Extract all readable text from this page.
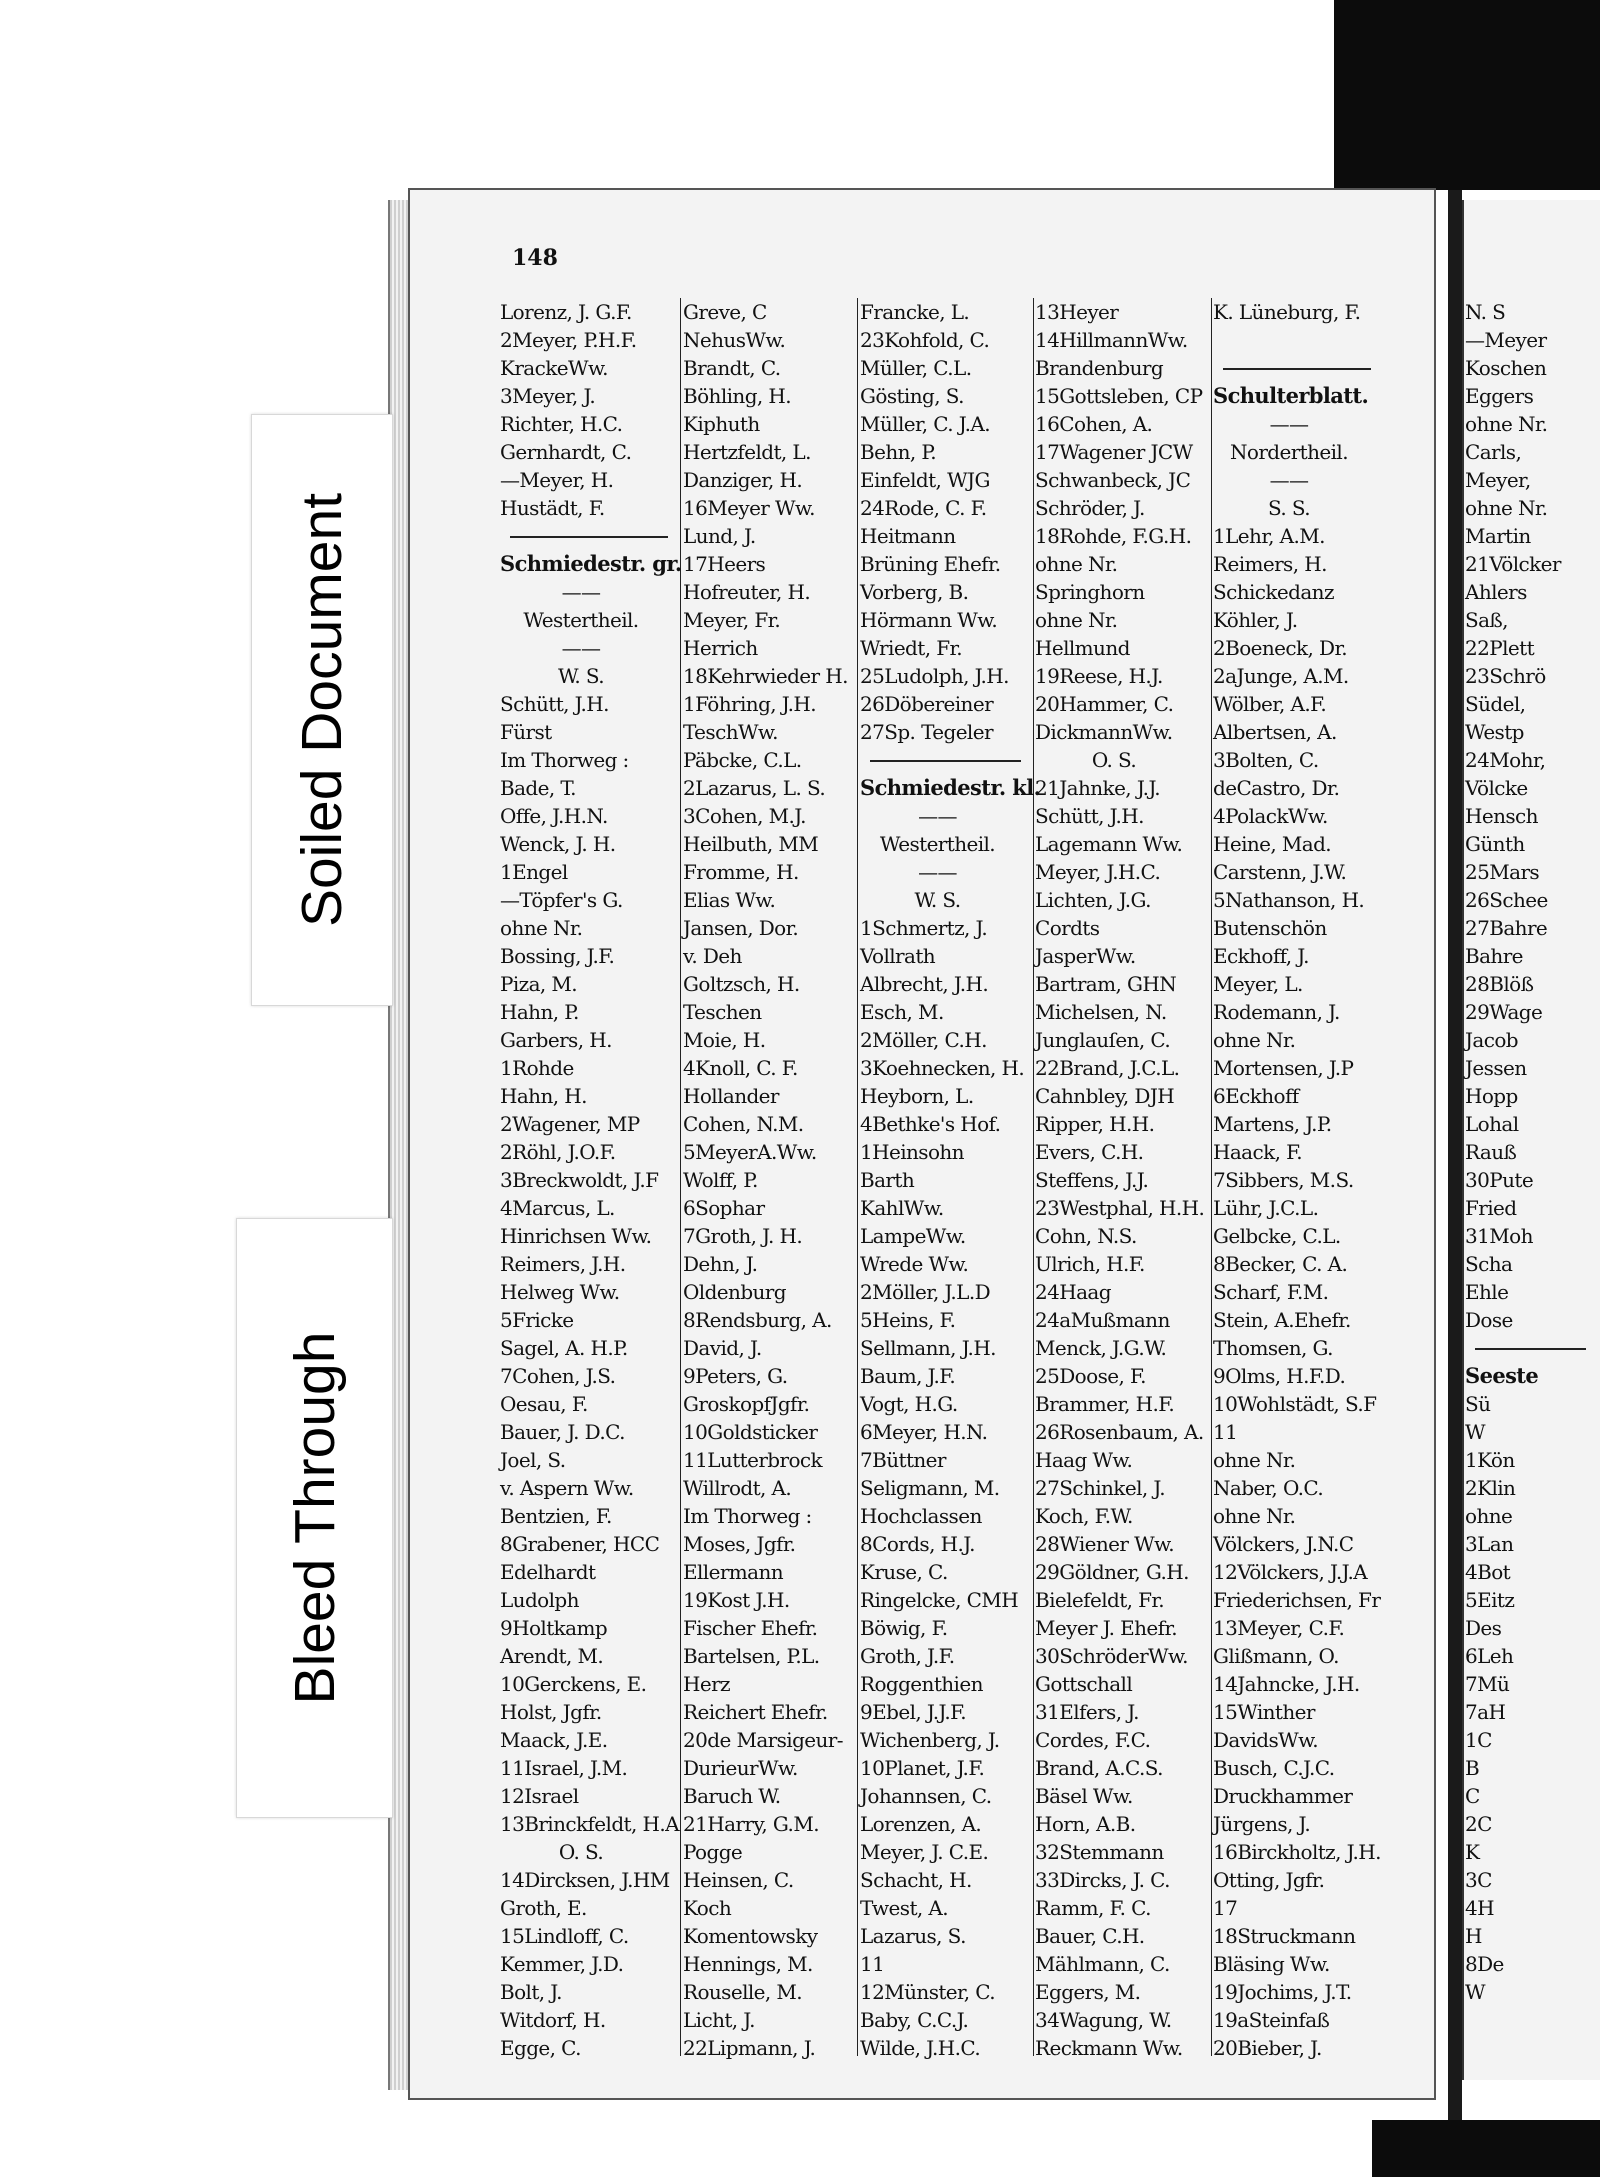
148
Lorenz, J. G.F.
2Meyer, P.H.F.
KrackeWw.
3Meyer, J.
Richter, H.C.
Gernhardt, C.
—Meyer, H.
Hustädt, F.
Schmiedestr. gr.
——
Westertheil.
——
W. S.
Schütt, J.H.
Fürst
Im Thorweg :
Bade, T.
Offe, J.H.N.
Wenck, J. H.
1Engel
—Töpfer's G.
ohne Nr.
Bossing, J.F.
Piza, M.
Hahn, P.
Garbers, H.
1Rohde
Hahn, H.
2Wagener, MP
2Röhl, J.O.F.
3Breckwoldt, J.F
4Marcus, L.
Hinrichsen Ww.
Reimers, J.H.
Helweg Ww.
5Fricke
Sagel, A. H.P.
7Cohen, J.S.
Oesau, F.
Bauer, J. D.C.
Joel, S.
v. Aspern Ww.
Bentzien, F.
8Grabener, HCC
Edelhardt
Ludolph
9Holtkamp
Arendt, M.
10Gerckens, E.
Holst, Jgfr.
Maack, J.E.
11Israel, J.M.
12Israel
13Brinckfeldt, H.A
O. S.
14Dircksen, J.HM
Groth, E.
15Lindloff, C.
Kemmer, J.D.
Bolt, J.
Witdorf, H.
Egge, C.
Greve, C
NehusWw.
Brandt, C.
Böhling, H.
Kiphuth
Hertzfeldt, L.
Danziger, H.
16Meyer Ww.
Lund, J.
17Heers
Hofreuter, H.
Meyer, Fr.
Herrich
18Kehrwieder H.
1Föhring, J.H.
TeschWw.
Päbcke, C.L.
2Lazarus, L. S.
3Cohen, M.J.
Heilbuth, MM
Fromme, H.
Elias Ww.
Jansen, Dor.
v. Deh
Goltzsch, H.
Teschen
Moie, H.
4Knoll, C. F.
Hollander
Cohen, N.M.
5MeyerA.Ww.
Wolff, P.
6Sophar
7Groth, J. H.
Dehn, J.
Oldenburg
8Rendsburg, A.
David, J.
9Peters, G.
GroskopfJgfr.
10Goldsticker
11Lutterbrock
Willrodt, A.
Im Thorweg :
Moses, Jgfr.
Ellermann
19Kost J.H.
Fischer Ehefr.
Bartelsen, P.L.
Herz
Reichert Ehefr.
20de Marsigeur-
DurieurWw.
Baruch W.
21Harry, G.M.
Pogge
Heinsen, C.
Koch
Komentowsky
Hennings, M.
Rouselle, M.
Licht, J.
22Lipmann, J.
Francke, L.
23Kohfold, C.
Müller, C.L.
Gösting, S.
Müller, C. J.A.
Behn, P.
Einfeldt, WJG
24Rode, C. F.
Heitmann
Brüning Ehefr.
Vorberg, B.
Hörmann Ww.
Wriedt, Fr.
25Ludolph, J.H.
26Döbereiner
27Sp. Tegeler
Schmiedestr. kl.
——
Westertheil.
——
W. S.
1Schmertz, J.
Vollrath
Albrecht, J.H.
Esch, M.
2Möller, C.H.
3Koehnecken, H.
Heyborn, L.
4Bethke's Hof.
1Heinsohn
Barth
KahlWw.
LampeWw.
Wrede Ww.
2Möller, J.L.D
5Heins, F.
Sellmann, J.H.
Baum, J.F.
Vogt, H.G.
6Meyer, H.N.
7Büttner
Seligmann, M.
Hochclassen
8Cords, H.J.
Kruse, C.
Ringelcke, CMH
Böwig, F.
Groth, J.F.
Roggenthien
9Ebel, J.J.F.
Wichenberg, J.
10Planet, J.F.
Johannsen, C.
Lorenzen, A.
Meyer, J. C.E.
Schacht, H.
Twest, A.
Lazarus, S.
11
12Münster, C.
Baby, C.C.J.
Wilde, J.H.C.
13Heyer
14HillmannWw.
Brandenburg
15Gottsleben, CP
16Cohen, A.
17Wagener JCW
Schwanbeck, JC
Schröder, J.
18Rohde, F.G.H.
ohne Nr.
Springhorn
ohne Nr.
Hellmund
19Reese, H.J.
20Hammer, C.
DickmannWw.
O. S.
21Jahnke, J.J.
Schütt, J.H.
Lagemann Ww.
Meyer, J.H.C.
Lichten, J.G.
Cordts
JasperWw.
Bartram, GHN
Michelsen, N.
Junglauſen, C.
22Brand, J.C.L.
Cahnbley, DJH
Ripper, H.H.
Evers, C.H.
Steffens, J.J.
23Westphal, H.H.
Cohn, N.S.
Ulrich, H.F.
24Haag
24aMußmann
Menck, J.G.W.
25Doose, F.
Brammer, H.F.
26Rosenbaum, A.
Haag Ww.
27Schinkel, J.
Koch, F.W.
28Wiener Ww.
29Göldner, G.H.
Bielefeldt, Fr.
Meyer J. Ehefr.
30SchröderWw.
Gottschall
31Elfers, J.
Cordes, F.C.
Brand, A.C.S.
Bäsel Ww.
Horn, A.B.
32Stemmann
33Dircks, J. C.
Ramm, F. C.
Bauer, C.H.
Mählmann, C.
Eggers, M.
34Wagung, W.
Reckmann Ww.
K. Lüneburg, F.
Schulterblatt.
——
Nordertheil.
——
S. S.
1Lehr, A.M.
Reimers, H.
Schickedanz
Köhler, J.
2Boeneck, Dr.
2aJunge, A.M.
Wölber, A.F.
Albertsen, A.
3Bolten, C.
deCastro, Dr.
4PolackWw.
Heine, Mad.
Carstenn, J.W.
5Nathanson, H.
Butenschön
Eckhoff, J.
Meyer, L.
Rodemann, J.
ohne Nr.
Mortensen, J.P
6Eckhoff
Martens, J.P.
Haack, F.
7Sibbers, M.S.
Lühr, J.C.L.
Gelbcke, C.L.
8Becker, C. A.
Scharf, F.M.
Stein, A.Ehefr.
Thomsen, G.
9Olms, H.F.D.
10Wohlstädt, S.F
11
ohne Nr.
Naber, O.C.
ohne Nr.
Völckers, J.N.C
12Völckers, J.J.A
Friederichsen, Fr
13Meyer, C.F.
Glißmann, O.
14Jahncke, J.H.
15Winther
DavidsWw.
Busch, C.J.C.
Druckhammer
Jürgens, J.
16Birckholtz, J.H.
Otting, Jgfr.
17
18Struckmann
Bläsing Ww.
19Jochims, J.T.
19aSteinfaß
20Bieber, J.
N. S
—Meyer
Koschen
Eggers
ohne Nr.
Carls,
Meyer,
ohne Nr.
Martin
21Völcker
Ahlers
Saß,
22Plett
23Schrö
Südel,
Westp
24Mohr,
Völcke
Hensch
Günth
25Mars
26Schee
27Bahre
Bahre
28Blöß
29Wage
Jacob
Jessen
Hopp
Lohal
Rauß
30Pute
Fried
31Moh
Scha
Ehle
Dose
Seeste
Sü
W
1Kön
2Klin
ohne
3Lan
4Bot
5Eitz
Des
6Leh
7Mü
7aH
1C
B
C
2C
K
3C
4H
H
8De
W
Soiled Document
Bleed Through
